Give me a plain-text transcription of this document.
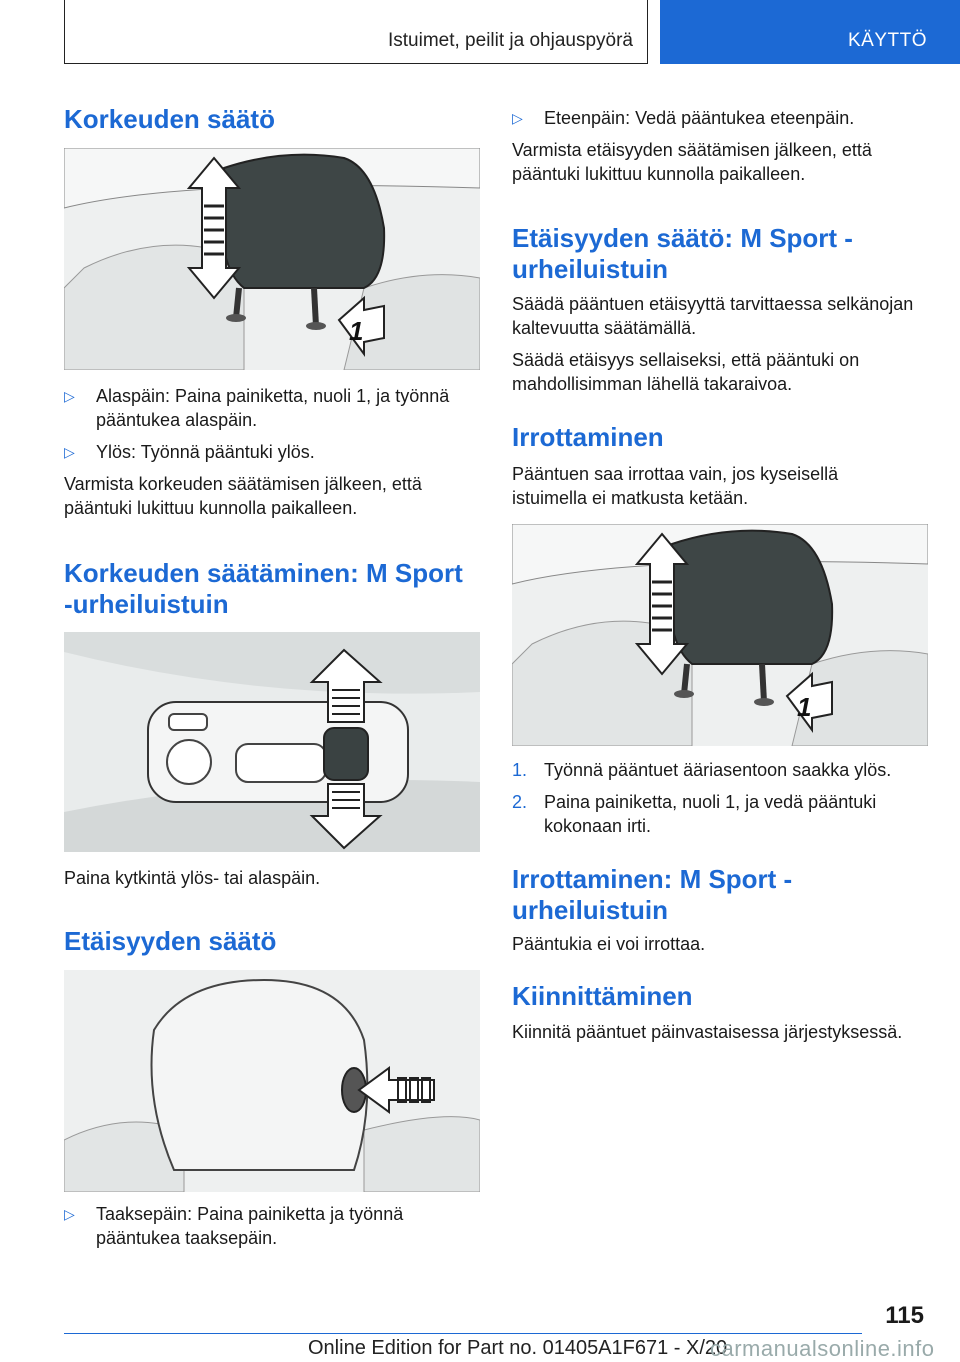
Istuimet, peilit ja ohjauspyörä	KÄYTTÖ
Korkeuden säätö
1
▷ Alaspäin: Paina painiketta, nuoli 1, ja työnnä pääntukea alaspäin.
▷ Ylös: Työnnä pääntuki ylös.

Varmista korkeuden säätämisen jälkeen, että pääntuki lukittuu kunnolla paikalleen.

Korkeuden säätäminen: M Sport -urheiluistuin

Paina kytkintä ylös- tai alaspäin.

Etäisyyden säätö
▷ Taaksepäin: Paina painiketta ja työnnä pääntukea taaksepäin.
▷ Eteenpäin: Vedä pääntukea eteenpäin.

Varmista etäisyyden säätämisen jälkeen, että pääntuki lukittuu kunnolla paikalleen.

Etäisyyden säätö: M Sport -urheiluistuin

Säädä pääntuen etäisyyttä tarvittaessa selkänojan kaltevuutta säätämällä.

Säädä etäisyys sellaiseksi, että pääntuki on mahdollisimman lähellä takaraivoa.

Irrottaminen

Pääntuen saa irrottaa vain, jos kyseisellä istuimella ei matkusta ketään.

1
1. Työnnä pääntuet ääriasentoon saakka ylös.
2. Paina painiketta, nuoli 1, ja vedä pääntuki kokonaan irti.
Irrottaminen: M Sport -urheiluistuin

Pääntukia ei voi irrottaa.

Kiinnittäminen

Kiinnitä pääntuet päinvastaisessa järjestyksessä.

115
Online Edition for Part no. 01405A1F671 - X/20
carmanualsonline.info
